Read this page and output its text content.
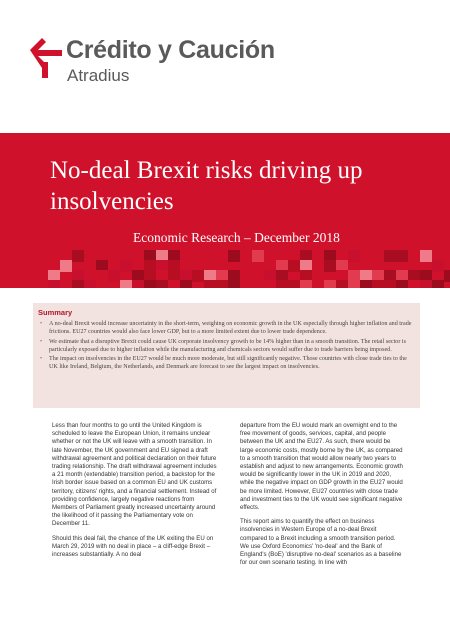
Crédito y Caución
Atradius
No-deal Brexit risks driving up insolvencies
Economic Research – December 2018
Summary
• A no-deal Brexit would increase uncertainty in the short-term, weighing on economic growth in the UK especially through higher inflation and trade frictions. EU27 countries would also face lower GDP, but to a more limited extent due to lower trade dependence.
• We estimate that a disruptive Brexit could cause UK corporate insolvency growth to be 14% higher than in a smooth transition. The retail sector is particularly exposed due to higher inflation while the manufacturing and chemicals sectors would suffer due to trade barriers being imposed.
• The impact on insolvencies in the EU27 would be much more moderate, but still significantly negative. Those countries with close trade ties to the UK like Ireland, Belgium, the Netherlands, and Denmark are forecast to see the largest impact on insolvencies.

Less than four months to go until the United Kingdom is scheduled to leave the European Union, it remains unclear whether or not the UK will leave with a smooth transition. In late November, the UK government and EU signed a draft withdrawal agreement and political declaration on their future trading relationship. The draft withdrawal agreement includes a 21 month (extendable) transition period, a backstop for the Irish border issue based on a common EU and UK customs territory, citizens' rights, and a financial settlement. Instead of providing confidence, largely negative reactions from Members of Parliament greatly increased uncertainty around the likelihood of it passing the Parliamentary vote on December 11.

Should this deal fail, the chance of the UK exiting the EU on March 29, 2019 with no deal in place – a cliff-edge Brexit – increases substantially. A no deal

departure from the EU would mark an overnight end to the free movement of goods, services, capital, and people between the UK and the EU27. As such, there would be large economic costs, mostly borne by the UK, as compared to a smooth transition that would allow nearly two years to establish and adjust to new arrangements. Economic growth would be significantly lower in the UK in 2019 and 2020, while the negative impact on GDP growth in the EU27 would be more limited. However, EU27 countries with close trade and investment ties to the UK would see significant negative effects.

This report aims to quantify the effect on business insolvencies in Western Europe of a no-deal Brexit compared to a Brexit including a smooth transition period. We use Oxford Economics' 'no-deal' and the Bank of England's (BoE) 'disruptive no-deal' scenarios as a baseline for our own scenario testing. In line with
